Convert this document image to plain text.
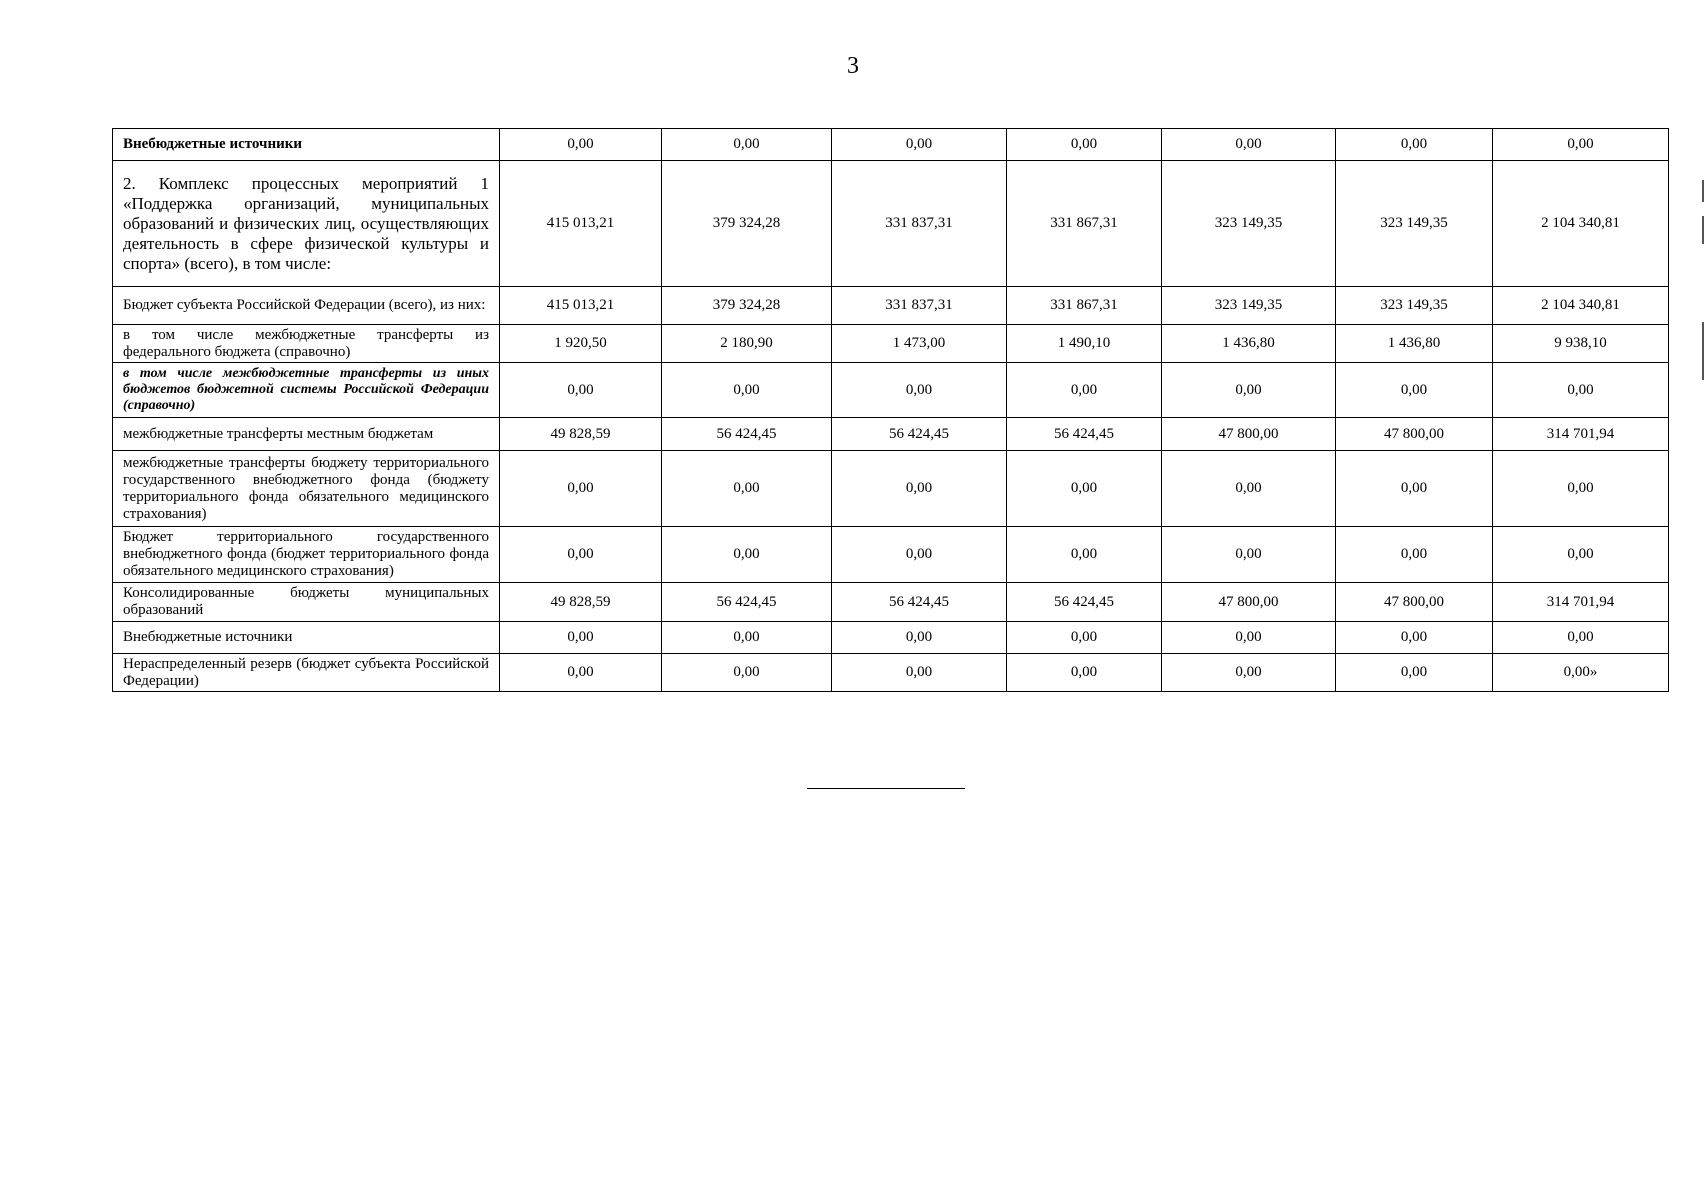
3
Внебюджетные источники	0,00	0,00	0,00	0,00	0,00	0,00	0,00
2. Комплекс процессных мероприятий 1 «Поддержка организаций, муниципальных образований и физических лиц, осуществляющих деятельность в сфере физической культуры и спорта» (всего), в том числе:	415 013,21	379 324,28	331 837,31	331 867,31	323 149,35	323 149,35	2 104 340,81
Бюджет субъекта Российской Федерации (всего), из них:	415 013,21	379 324,28	331 837,31	331 867,31	323 149,35	323 149,35	2 104 340,81
в том числе межбюджетные трансферты из федерального бюджета (справочно)	1 920,50	2 180,90	1 473,00	1 490,10	1 436,80	1 436,80	9 938,10
в том числе межбюджетные трансферты из иных бюджетов бюджетной системы Российской Федерации (справочно)	0,00	0,00	0,00	0,00	0,00	0,00	0,00
межбюджетные трансферты местным бюджетам	49 828,59	56 424,45	56 424,45	56 424,45	47 800,00	47 800,00	314 701,94
межбюджетные трансферты бюджету территориального государственного внебюджетного фонда (бюджету территориального фонда обязательного медицинского страхования)	0,00	0,00	0,00	0,00	0,00	0,00	0,00
Бюджет территориального государственного внебюджетного фонда (бюджет территориального фонда обязательного медицинского страхования)	0,00	0,00	0,00	0,00	0,00	0,00	0,00
Консолидированные бюджеты муниципальных образований	49 828,59	56 424,45	56 424,45	56 424,45	47 800,00	47 800,00	314 701,94
Внебюджетные источники	0,00	0,00	0,00	0,00	0,00	0,00	0,00
Нераспределенный резерв (бюджет субъекта Российской Федерации)	0,00	0,00	0,00	0,00	0,00	0,00	0,00»
